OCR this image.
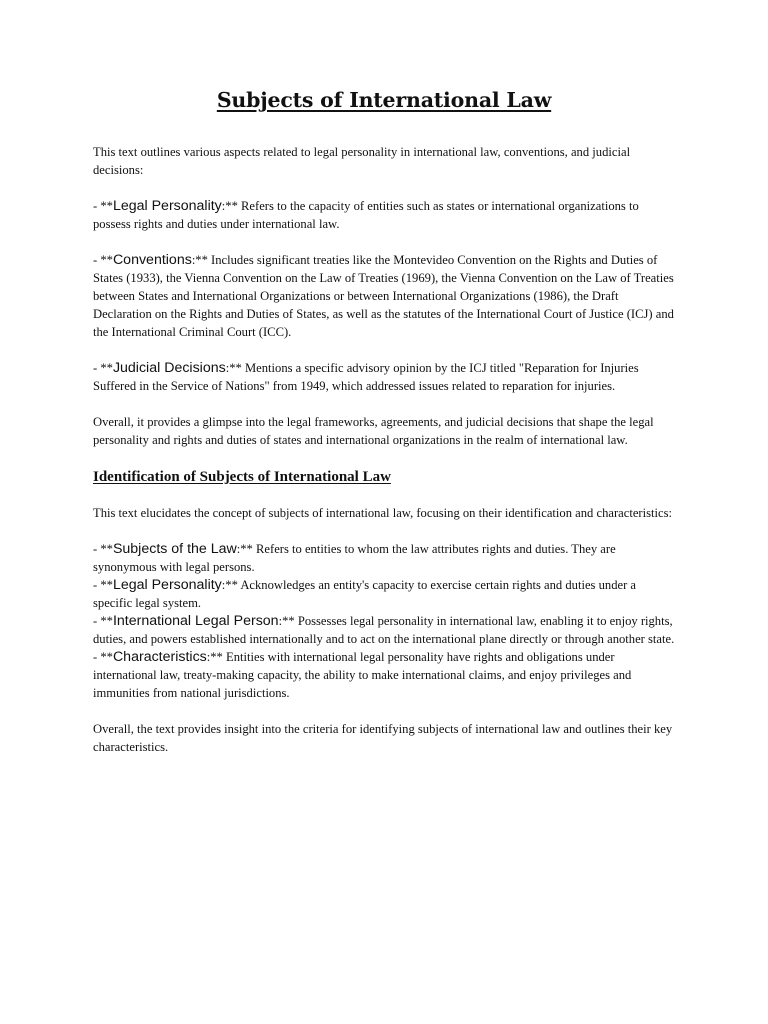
Subjects of International Law

This text outlines various aspects related to legal personality in international law, conventions, and judicial decisions:

- **Legal Personality:** Refers to the capacity of entities such as states or international organizations to possess rights and duties under international law.

- **Conventions:** Includes significant treaties like the Montevideo Convention on the Rights and Duties of States (1933), the Vienna Convention on the Law of Treaties (1969), the Vienna Convention on the Law of Treaties between States and International Organizations or between International Organizations (1986), the Draft Declaration on the Rights and Duties of States, as well as the statutes of the International Court of Justice (ICJ) and the International Criminal Court (ICC).

- **Judicial Decisions:** Mentions a specific advisory opinion by the ICJ titled "Reparation for Injuries Suffered in the Service of Nations" from 1949, which addressed issues related to reparation for injuries.

Overall, it provides a glimpse into the legal frameworks, agreements, and judicial decisions that shape the legal personality and rights and duties of states and international organizations in the realm of international law.

Identification of Subjects of International Law

This text elucidates the concept of subjects of international law, focusing on their identification and characteristics:

- **Subjects of the Law:** Refers to entities to whom the law attributes rights and duties. They are synonymous with legal persons.

- **Legal Personality:** Acknowledges an entity's capacity to exercise certain rights and duties under a specific legal system.

- **International Legal Person:** Possesses legal personality in international law, enabling it to enjoy rights, duties, and powers established internationally and to act on the international plane directly or through another state.

- **Characteristics:** Entities with international legal personality have rights and obligations under international law, treaty-making capacity, the ability to make international claims, and enjoy privileges and immunities from national jurisdictions.

Overall, the text provides insight into the criteria for identifying subjects of international law and outlines their key characteristics.
